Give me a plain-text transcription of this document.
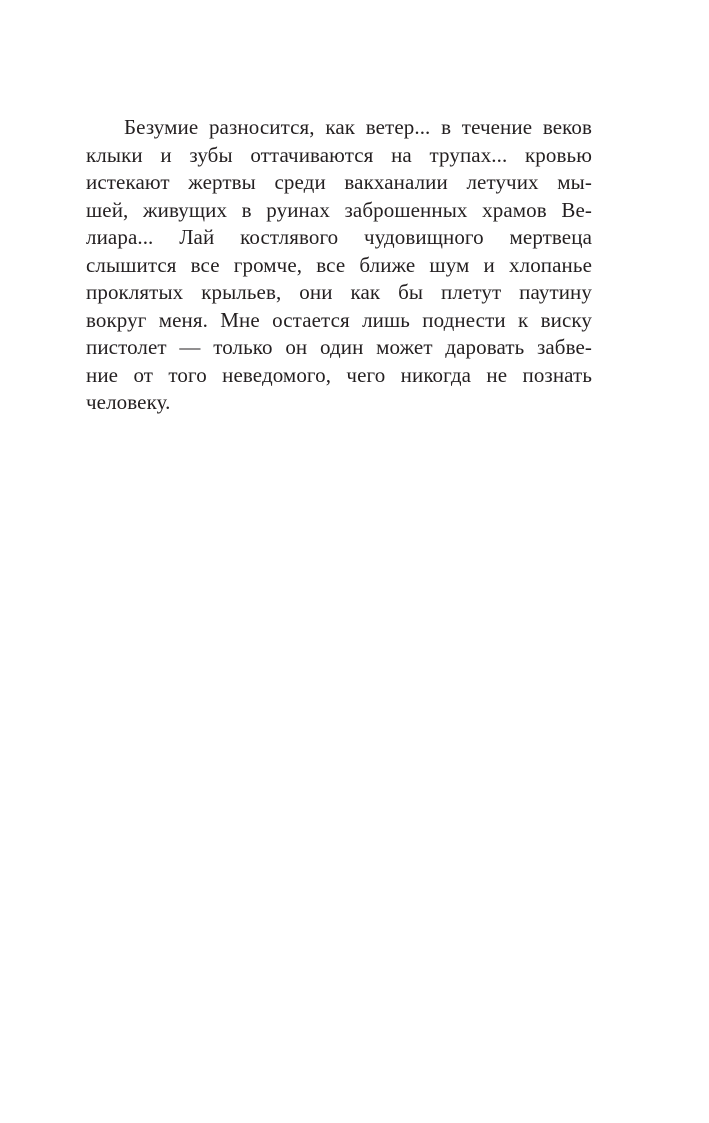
Безумие разносится, как ветер... в течение веков
клыки и зубы оттачиваются на трупах... кровью
истекают жертвы среди вакханалии летучих мы-
шей, живущих в руинах заброшенных храмов Ве-
лиара... Лай костлявого чудовищного мертвеца
слышится все громче, все ближе шум и хлопанье
проклятых крыльев, они как бы плетут паутину
вокруг меня. Мне остается лишь поднести к виску
пистолет — только он один может даровать забве-
ние от того неведомого, чего никогда не познать
человеку.
